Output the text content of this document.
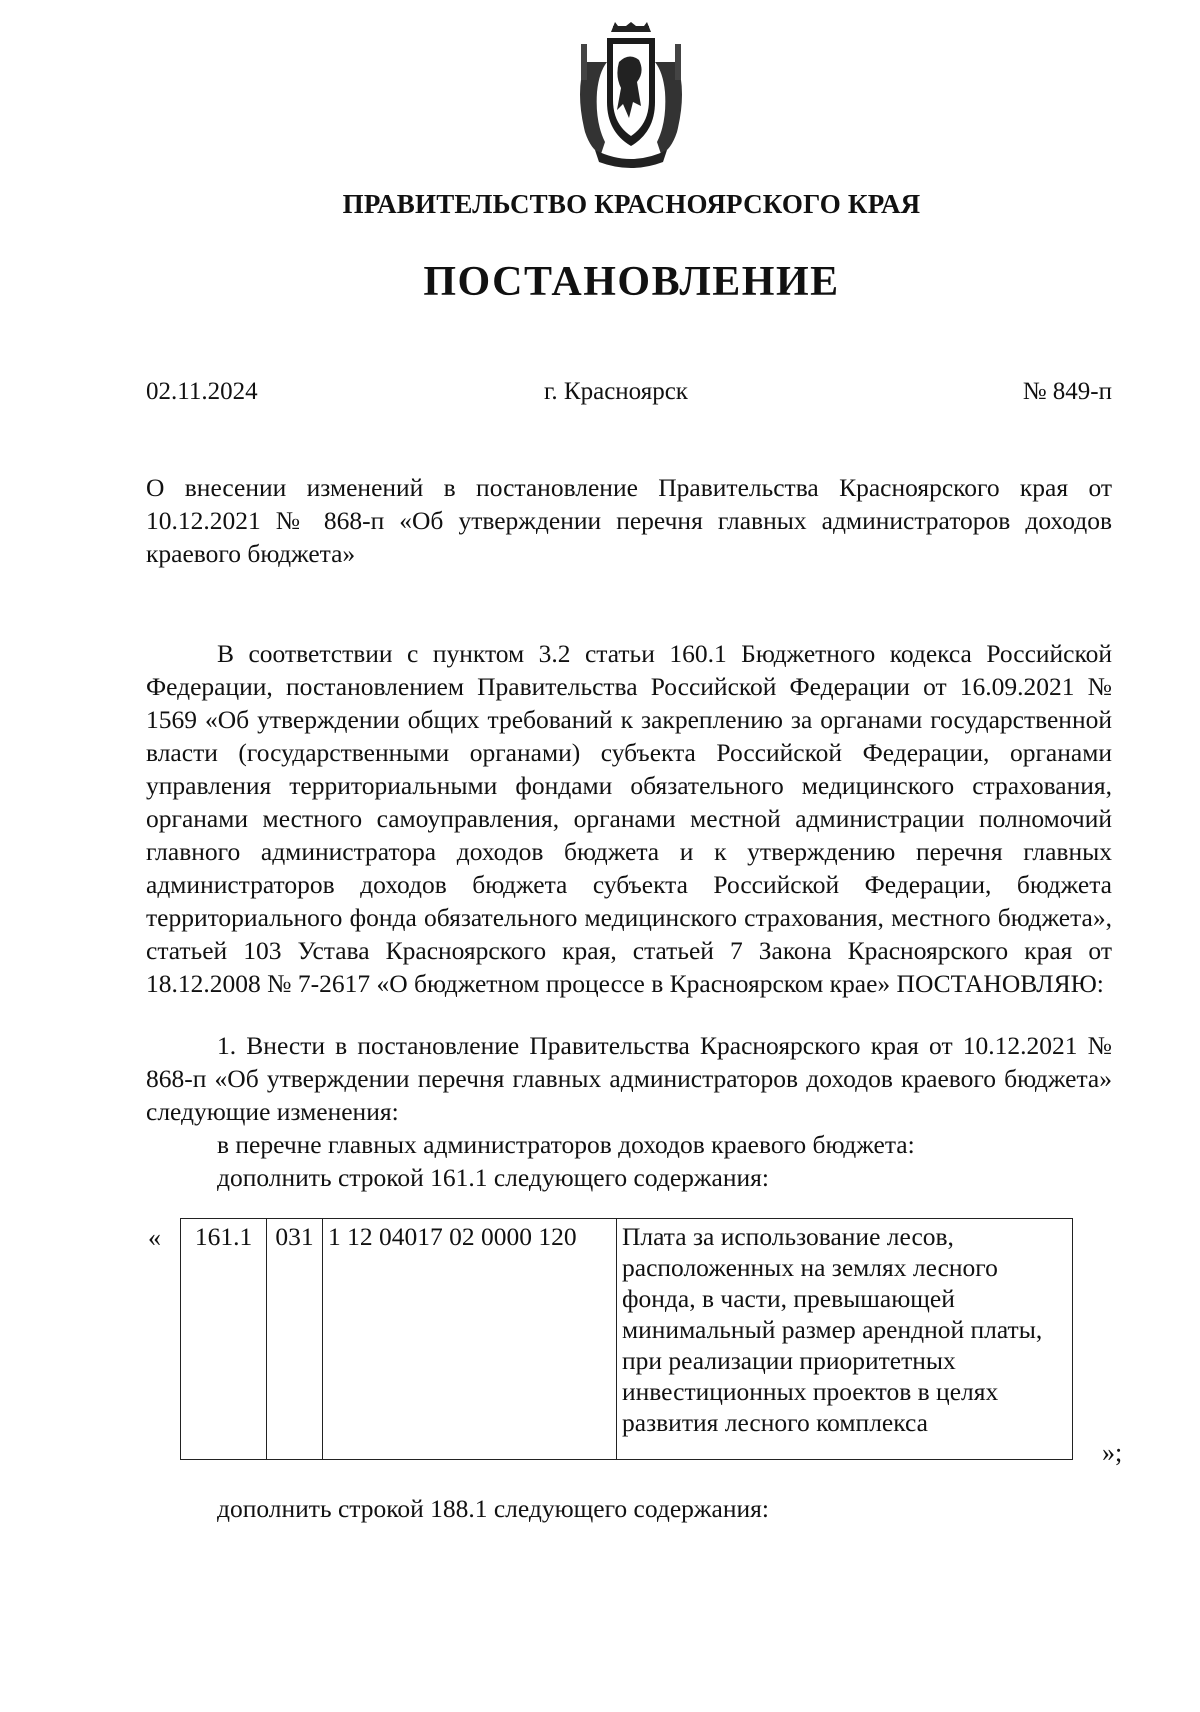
ПРАВИТЕЛЬСТВО КРАСНОЯРСКОГО КРАЯ
ПОСТАНОВЛЕНИЕ
02.11.2024	г. Красноярск	№ 849-п
О внесении изменений в постановление Правительства Красноярского края от 10.12.2021 № 868-п «Об утверждении перечня главных администраторов доходов краевого бюджета»
В соответствии с пунктом 3.2 статьи 160.1 Бюджетного кодекса Российской Федерации, постановлением Правительства Российской Федерации от 16.09.2021 № 1569 «Об утверждении общих требований к закреплению за органами государственной власти (государственными органами) субъекта Российской Федерации, органами управления территориальными фондами обязательного медицинского страхования, органами местного самоуправления, органами местной администрации полномочий главного администратора доходов бюджета и к утверждению перечня главных администраторов доходов бюджета субъекта Российской Федерации, бюджета территориального фонда обязательного медицинского страхования, местного бюджета», статьей 103 Устава Красноярского края, статьей 7 Закона Красноярского края от 18.12.2008 № 7-2617 «О бюджетном процессе в Красноярском крае» ПОСТАНОВЛЯЮ:
1. Внести в постановление Правительства Красноярского края от 10.12.2021 № 868-п «Об утверждении перечня главных администраторов доходов краевого бюджета» следующие изменения:
в перечне главных администраторов доходов краевого бюджета:
дополнить строкой 161.1 следующего содержания:
« 161.1	031	1 12 04017 02 0000 120	Плата за использование лесов, расположенных на землях лесного фонда, в части, превышающей минимальный размер арендной платы, при реализации приоритетных инвестиционных проектов в целях развития лесного комплекса
»;
дополнить строкой 188.1 следующего содержания:
